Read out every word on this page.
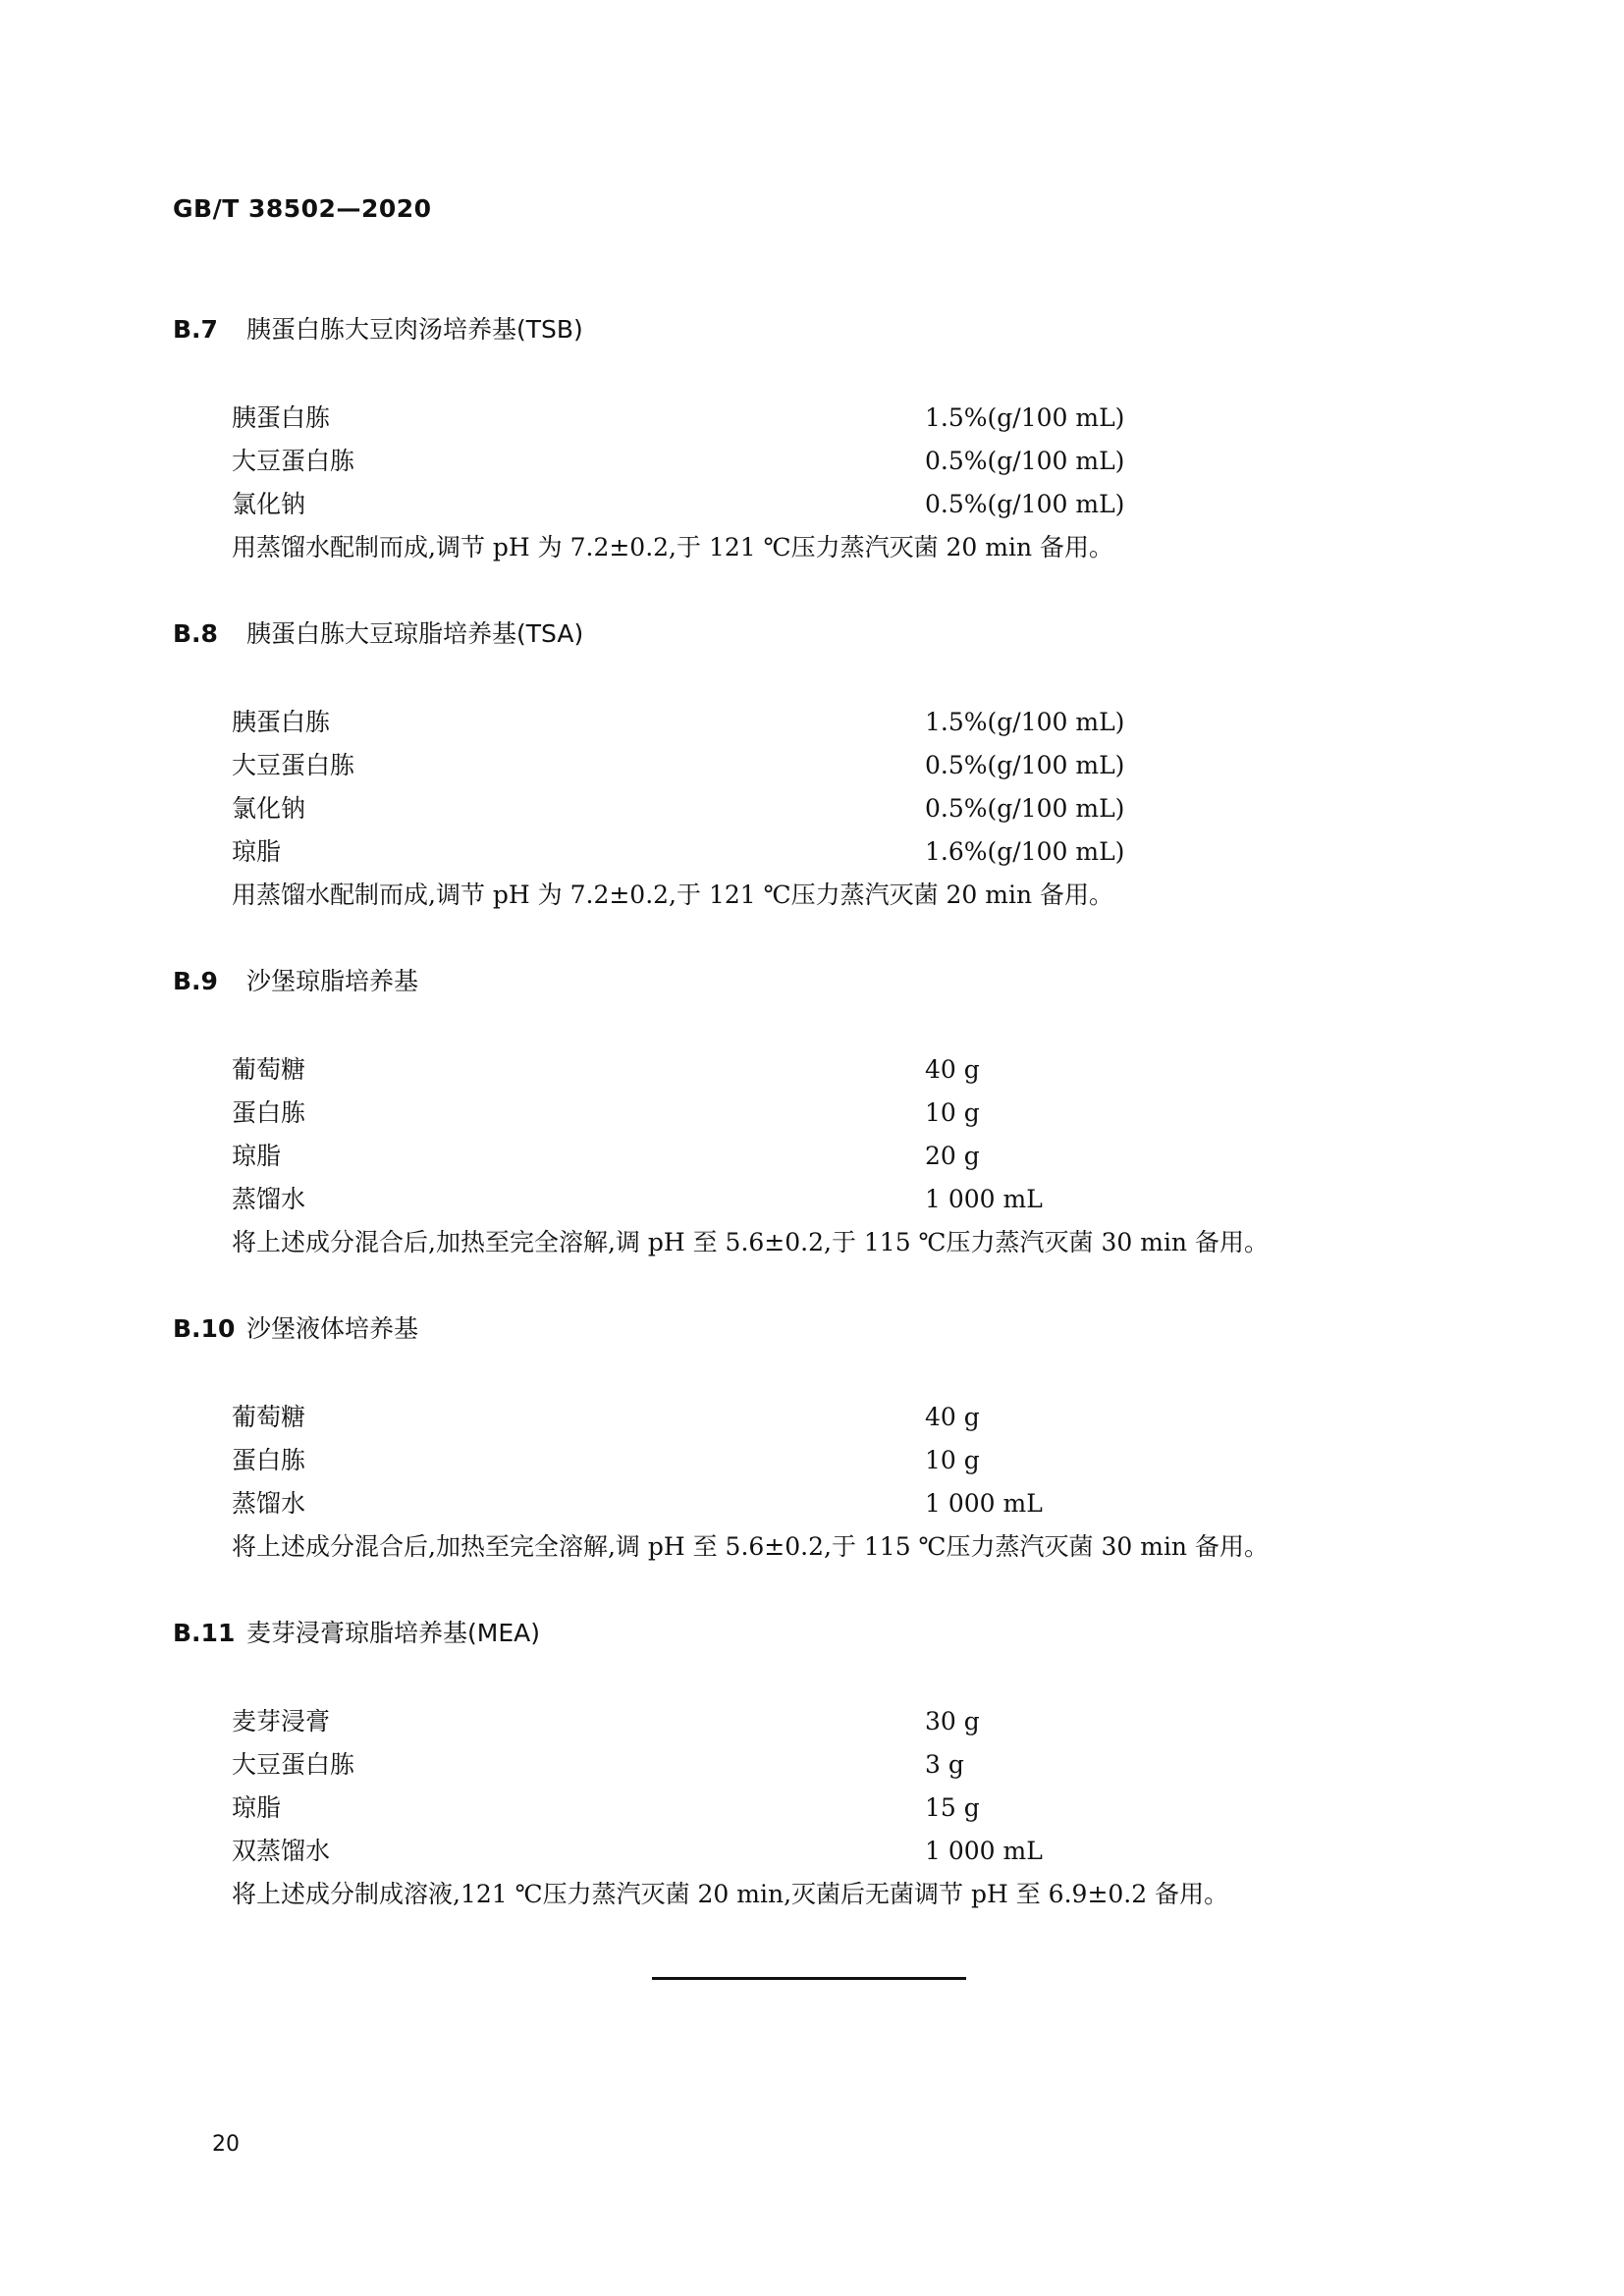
GB/T 38502—2020
B.7 胰蛋白胨大豆肉汤培养基(TSB)
胰蛋白胨	1.5%(g/100 mL)
大豆蛋白胨	0.5%(g/100 mL)
氯化钠	0.5%(g/100 mL)
用蒸馏水配制而成,调节 pH 为 7.2±0.2,于 121 ℃压力蒸汽灭菌 20 min 备用。
B.8 胰蛋白胨大豆琼脂培养基(TSA)
胰蛋白胨	1.5%(g/100 mL)
大豆蛋白胨	0.5%(g/100 mL)
氯化钠	0.5%(g/100 mL)
琼脂	1.6%(g/100 mL)
用蒸馏水配制而成,调节 pH 为 7.2±0.2,于 121 ℃压力蒸汽灭菌 20 min 备用。
B.9 沙堡琼脂培养基
葡萄糖	40 g
蛋白胨	10 g
琼脂	20 g
蒸馏水	1 000 mL
将上述成分混合后,加热至完全溶解,调 pH 至 5.6±0.2,于 115 ℃压力蒸汽灭菌 30 min 备用。
B.10 沙堡液体培养基
葡萄糖	40 g
蛋白胨	10 g
蒸馏水	1 000 mL
将上述成分混合后,加热至完全溶解,调 pH 至 5.6±0.2,于 115 ℃压力蒸汽灭菌 30 min 备用。
B.11 麦芽浸膏琼脂培养基(MEA)
麦芽浸膏	30 g
大豆蛋白胨	3 g
琼脂	15 g
双蒸馏水	1 000 mL
将上述成分制成溶液,121 ℃压力蒸汽灭菌 20 min,灭菌后无菌调节 pH 至 6.9±0.2 备用。
20
